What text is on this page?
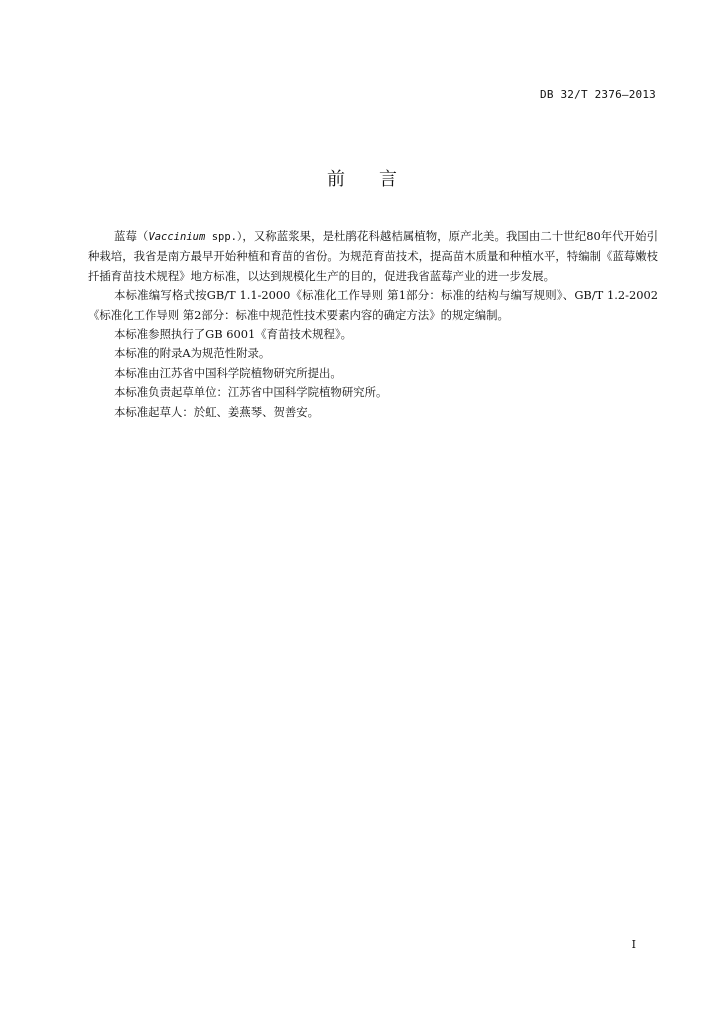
DB 32/T 2376—2013
前言

蓝莓（Vaccinium spp.），又称蓝浆果，是杜鹃花科越桔属植物，原产北美。我国由二十世纪80年代开始引种栽培，我省是南方最早开始种植和育苗的省份。为规范育苗技术，提高苗木质量和种植水平，特编制《蓝莓嫩枝扦插育苗技术规程》地方标准，以达到规模化生产的目的，促进我省蓝莓产业的进一步发展。

本标准编写格式按GB/T 1.1-2000《标准化工作导则 第1部分：标准的结构与编写规则》、GB/T 1.2-2002《标准化工作导则 第2部分：标准中规范性技术要素内容的确定方法》的规定编制。

本标准参照执行了GB 6001《育苗技术规程》。

本标准的附录A为规范性附录。

本标准由江苏省中国科学院植物研究所提出。

本标准负责起草单位：江苏省中国科学院植物研究所。

本标准起草人：於虹、姜燕琴、贺善安。

I
